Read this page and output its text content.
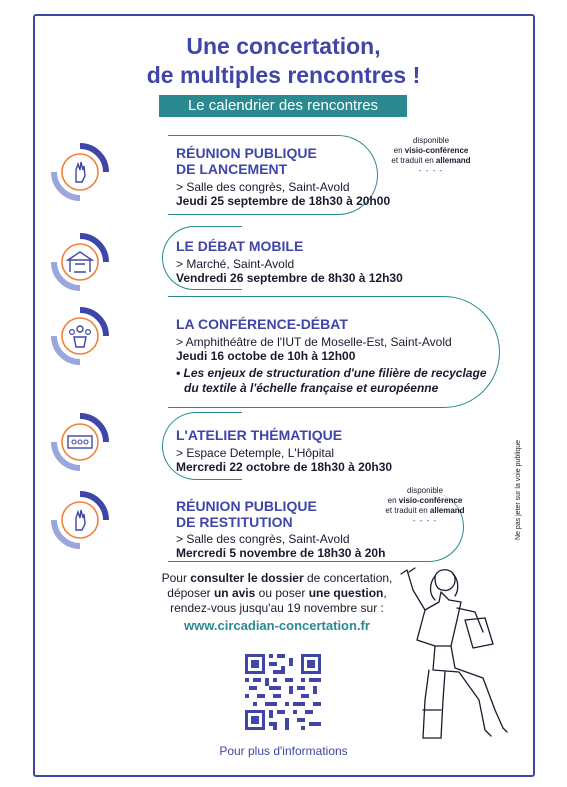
Une concertation,
de multiples rencontres !
Le calendrier des rencontres
RÉUNION PUBLIQUE
DE LANCEMENT
> Salle des congrès, Saint-Avold
Jeudi 25 septembre de 18h30 à 20h00
disponible
en visio-conférence
et traduit en allemand
- - - -
LE DÉBAT MOBILE
> Marché, Saint-Avold
Vendredi 26 septembre de 8h30 à 12h30
LA CONFÉRENCE-DÉBAT
> Amphithéâtre de l'IUT de Moselle-Est, Saint-Avold
Jeudi 16 octobe de 10h à 12h00
• Les enjeux de structuration d'une filière de recyclage
du textile à l'échelle française et européenne
L'ATELIER THÉMATIQUE
> Espace Detemple, L'Hôpital
Mercredi 22 octobre de 18h30 à 20h30
RÉUNION PUBLIQUE
DE RESTITUTION
> Salle des congrès, Saint-Avold
Mercredi 5 novembre de 18h30 à 20h
disponible
en visio-conférence
et traduit en allemand
- - - -	Ne pas jeter sur la voie publique
Pour consulter le dossier de concertation,
déposer un avis ou poser une question,
rendez-vous jusqu'au 19 novembre sur :
www.circadian-concertation.fr
Pour plus d'informations
